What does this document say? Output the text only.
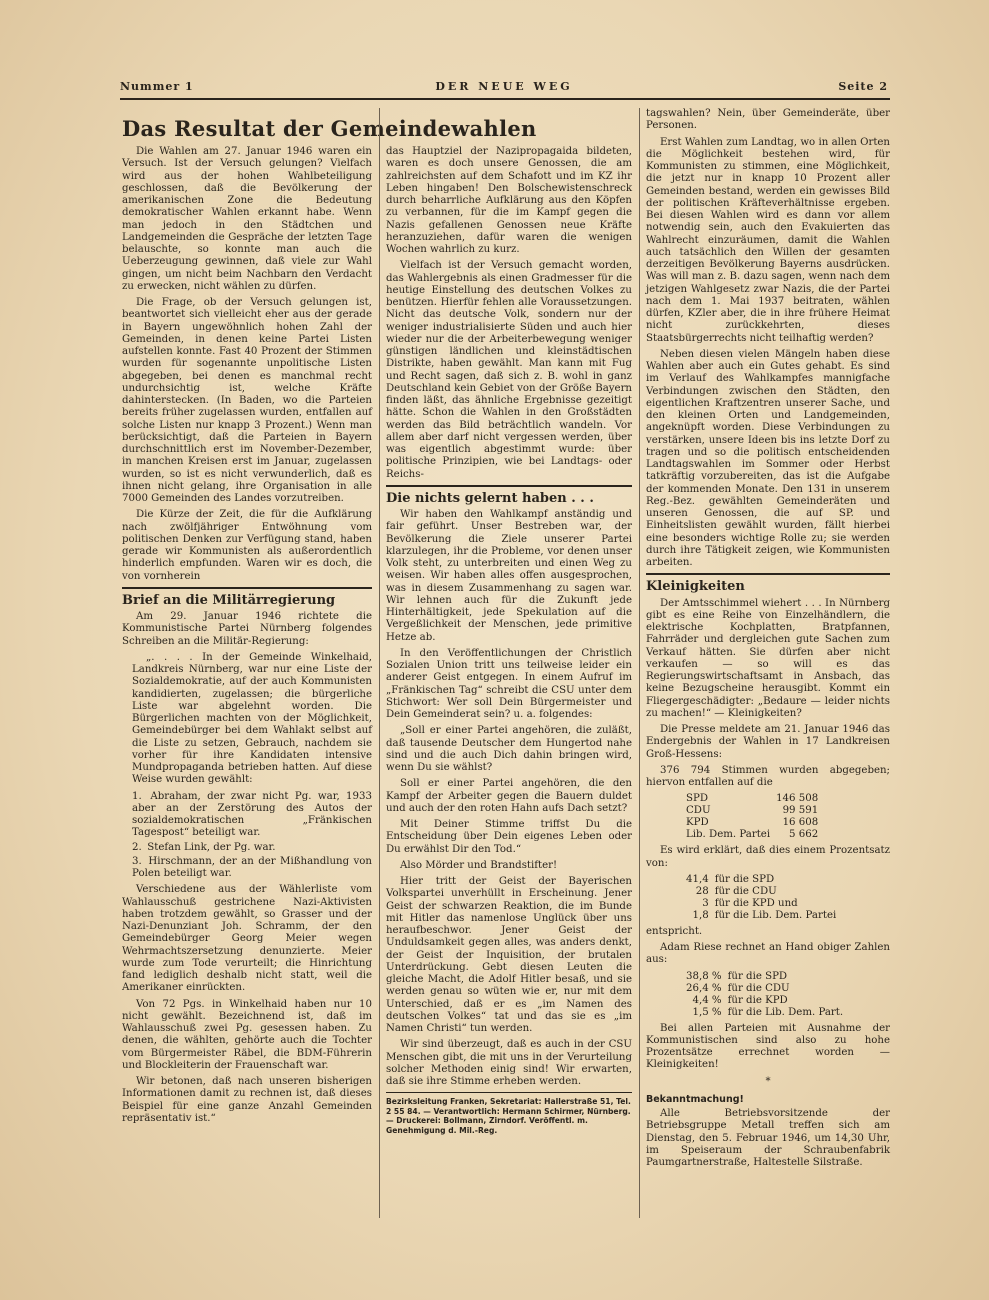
Nummer 1	DER NEUE WEG	Seite 2
Das Resultat der Gemeindewahlen

Die Wahlen am 27. Januar 1946 waren ein Versuch. Ist der Versuch gelungen? Vielfach wird aus der hohen Wahlbeteiligung geschlossen, daß die Bevölkerung der amerikanischen Zone die Bedeutung demokratischer Wahlen erkannt habe. Wenn man jedoch in den Städtchen und Landgemeinden die Gespräche der letzten Tage belauschte, so konnte man auch die Ueberzeugung gewinnen, daß viele zur Wahl gingen, um nicht beim Nachbarn den Verdacht zu erwecken, nicht wählen zu dürfen.

Die Frage, ob der Versuch gelungen ist, beantwortet sich vielleicht eher aus der gerade in Bayern ungewöhnlich hohen Zahl der Gemeinden, in denen keine Partei Listen aufstellen konnte. Fast 40 Prozent der Stimmen wurden für sogenannte unpolitische Listen abgegeben, bei denen es manchmal recht undurchsichtig ist, welche Kräfte dahinterstecken. (In Baden, wo die Parteien bereits früher zugelassen wurden, entfallen auf solche Listen nur knapp 3 Prozent.) Wenn man berücksichtigt, daß die Parteien in Bayern durchschnittlich erst im November-Dezember, in manchen Kreisen erst im Januar, zugelassen wurden, so ist es nicht verwunderlich, daß es ihnen nicht gelang, ihre Organisation in alle 7000 Gemeinden des Landes vorzutreiben.

Die Kürze der Zeit, die für die Aufklärung nach zwölfjähriger Entwöhnung vom politischen Denken zur Verfügung stand, haben gerade wir Kommunisten als außerordentlich hinderlich empfunden. Waren wir es doch, die von vornherein

Brief an die Militärregierung

Am 29. Januar 1946 richtete die Kommunistische Partei Nürnberg folgendes Schreiben an die Militär-Regierung:

„. . . . In der Gemeinde Winkelhaid, Landkreis Nürnberg, war nur eine Liste der Sozialdemokratie, auf der auch Kommunisten kandidierten, zugelassen; die bürgerliche Liste war abgelehnt worden. Die Bürgerlichen machten von der Möglichkeit, Gemeindebürger bei dem Wahlakt selbst auf die Liste zu setzen, Gebrauch, nachdem sie vorher für ihre Kandidaten intensive Mundpropaganda betrieben hatten. Auf diese Weise wurden gewählt:

1. Abraham, der zwar nicht Pg. war, 1933 aber an der Zerstörung des Autos der sozialdemokratischen „Fränkischen Tagespost“ beteiligt war.
2. Stefan Link, der Pg. war.
3. Hirschmann, der an der Mißhandlung von Polen beteiligt war.

Verschiedene aus der Wählerliste vom Wahlausschuß gestrichene Nazi-Aktivisten haben trotzdem gewählt, so Grasser und der Nazi-Denunziant Joh. Schramm, der den Gemeindebürger Georg Meier wegen Wehrmachtszersetzung denunzierte. Meier wurde zum Tode verurteilt; die Hinrichtung fand lediglich deshalb nicht statt, weil die Amerikaner einrückten.

Von 72 Pgs. in Winkelhaid haben nur 10 nicht gewählt. Bezeichnend ist, daß im Wahlausschuß zwei Pg. gesessen haben. Zu denen, die wählten, gehörte auch die Tochter vom Bürgermeister Räbel, die BDM-Führerin und Blockleiterin der Frauenschaft war.

Wir betonen, daß nach unseren bisherigen Informationen damit zu rechnen ist, daß dieses Beispiel für eine ganze Anzahl Gemeinden repräsentativ ist.“

das Hauptziel der Nazipropagaida bildeten, waren es doch unsere Genossen, die am zahlreichsten auf dem Schafott und im KZ ihr Leben hingaben! Den Bolschewistenschreck durch beharrliche Aufklärung aus den Köpfen zu verbannen, für die im Kampf gegen die Nazis gefallenen Genossen neue Kräfte heranzuziehen, dafür waren die wenigen Wochen wahrlich zu kurz.

Vielfach ist der Versuch gemacht worden, das Wahlergebnis als einen Gradmesser für die heutige Einstellung des deutschen Volkes zu benützen. Hierfür fehlen alle Voraussetzungen. Nicht das deutsche Volk, sondern nur der weniger industrialisierte Süden und auch hier wieder nur die der Arbeiterbewegung weniger günstigen ländlichen und kleinstädtischen Distrikte, haben gewählt. Man kann mit Fug und Recht sagen, daß sich z. B. wohl in ganz Deutschland kein Gebiet von der Größe Bayern finden läßt, das ähnliche Ergebnisse gezeitigt hätte. Schon die Wahlen in den Großstädten werden das Bild beträchtlich wandeln. Vor allem aber darf nicht vergessen werden, über was eigentlich abgestimmt wurde: über politische Prinzipien, wie bei Landtags- oder Reichs-

Die nichts gelernt haben . . .

Wir haben den Wahlkampf anständig und fair geführt. Unser Bestreben war, der Bevölkerung die Ziele unserer Partei klarzulegen, ihr die Probleme, vor denen unser Volk steht, zu unterbreiten und einen Weg zu weisen. Wir haben alles offen ausgesprochen, was in diesem Zusammenhang zu sagen war. Wir lehnen auch für die Zukunft jede Hinterhältigkeit, jede Spekulation auf die Vergeßlichkeit der Menschen, jede primitive Hetze ab.

In den Veröffentlichungen der Christlich Sozialen Union tritt uns teilweise leider ein anderer Geist entgegen. In einem Aufruf im „Fränkischen Tag“ schreibt die CSU unter dem Stichwort: Wer soll Dein Bürgermeister und Dein Gemeinderat sein? u. a. folgendes:

„Soll er einer Partei angehören, die zuläßt, daß tausende Deutscher dem Hungertod nahe sind und die auch Dich dahin bringen wird, wenn Du sie wählst?

Soll er einer Partei angehören, die den Kampf der Arbeiter gegen die Bauern duldet und auch der den roten Hahn aufs Dach setzt?

Mit Deiner Stimme triffst Du die Entscheidung über Dein eigenes Leben oder Du erwählst Dir den Tod.“

Also Mörder und Brandstifter!

Hier tritt der Geist der Bayerischen Volkspartei unverhüllt in Erscheinung. Jener Geist der schwarzen Reaktion, die im Bunde mit Hitler das namenlose Unglück über uns heraufbeschwor. Jener Geist der Unduldsamkeit gegen alles, was anders denkt, der Geist der Inquisition, der brutalen Unterdrückung. Gebt diesen Leuten die gleiche Macht, die Adolf Hitler besaß, und sie werden genau so wüten wie er, nur mit dem Unterschied, daß er es „im Namen des deutschen Volkes“ tat und das sie es „im Namen Christi“ tun werden.

Wir sind überzeugt, daß es auch in der CSU Menschen gibt, die mit uns in der Verurteilung solcher Methoden einig sind! Wir erwarten, daß sie ihre Stimme erheben werden.

Bezirksleitung Franken, Sekretariat: Hallerstraße 51, Tel. 2 55 84. — Verantwortlich: Hermann Schirmer, Nürnberg. — Druckerei: Bollmann, Zirndorf. Veröffentl. m. Genehmigung d. Mil.-Reg.

tagswahlen? Nein, über Gemeinderäte, über Personen.

Erst Wahlen zum Landtag, wo in allen Orten die Möglichkeit bestehen wird, für Kommunisten zu stimmen, eine Möglichkeit, die jetzt nur in knapp 10 Prozent aller Gemeinden bestand, werden ein gewisses Bild der politischen Kräfteverhältnisse ergeben. Bei diesen Wahlen wird es dann vor allem notwendig sein, auch den Evakuierten das Wahlrecht einzuräumen, damit die Wahlen auch tatsächlich den Willen der gesamten derzeitigen Bevölkerung Bayerns ausdrücken. Was will man z. B. dazu sagen, wenn nach dem jetzigen Wahlgesetz zwar Nazis, die der Partei nach dem 1. Mai 1937 beitraten, wählen dürfen, KZler aber, die in ihre frühere Heimat nicht zurückkehrten, dieses Staatsbürgerrechts nicht teilhaftig werden?

Neben diesen vielen Mängeln haben diese Wahlen aber auch ein Gutes gehabt. Es sind im Verlauf des Wahlkampfes mannigfache Verbindungen zwischen den Städten, den eigentlichen Kraftzentren unserer Sache, und den kleinen Orten und Landgemeinden, angeknüpft worden. Diese Verbindungen zu verstärken, unsere Ideen bis ins letzte Dorf zu tragen und so die politisch entscheidenden Landtagswahlen im Sommer oder Herbst tatkräftig vorzubereiten, das ist die Aufgabe der kommenden Monate. Den 131 in unserem Reg.-Bez. gewählten Gemeinderäten und unseren Genossen, die auf SP. und Einheitslisten gewählt wurden, fällt hierbei eine besonders wichtige Rolle zu; sie werden durch ihre Tätigkeit zeigen, wie Kommunisten arbeiten.

Kleinigkeiten

Der Amtsschimmel wiehert . . . In Nürnberg gibt es eine Reihe von Einzelhändlern, die elektrische Kochplatten, Bratpfannen, Fahrräder und dergleichen gute Sachen zum Verkauf hätten. Sie dürfen aber nicht verkaufen — so will es das Regierungswirtschaftsamt in Ansbach, das keine Bezugscheine herausgibt. Kommt ein Fliegergeschädigter: „Bedaure — leider nichts zu machen!“ — Kleinigkeiten?

Die Presse meldete am 21. Januar 1946 das Endergebnis der Wahlen in 17 Landkreisen Groß-Hessens:

376 794 Stimmen wurden abgegeben; hiervon entfallen auf die

SPD	146 508
CDU	99 591
KPD	16 608
Lib. Dem. Partei	5 662

Es wird erklärt, daß dies einem Prozentsatz von:

41,4	für die SPD
28	für die CDU
3	für die KPD und
1,8	für die Lib. Dem. Partei

entspricht.

Adam Riese rechnet an Hand obiger Zahlen aus:

38,8 %	für die SPD
26,4 %	für die CDU
4,4 %	für die KPD
1,5 %	für die Lib. Dem. Part.

Bei allen Parteien mit Ausnahme der Kommunistischen sind also zu hohe Prozentsätze errechnet worden — Kleinigkeiten!

*
Bekanntmachung!

Alle Betriebsvorsitzende der Betriebsgruppe Metall treffen sich am Dienstag, den 5. Februar 1946, um 14,30 Uhr, im Speiseraum der Schraubenfabrik Paumgartnerstraße, Haltestelle Silstraße.
